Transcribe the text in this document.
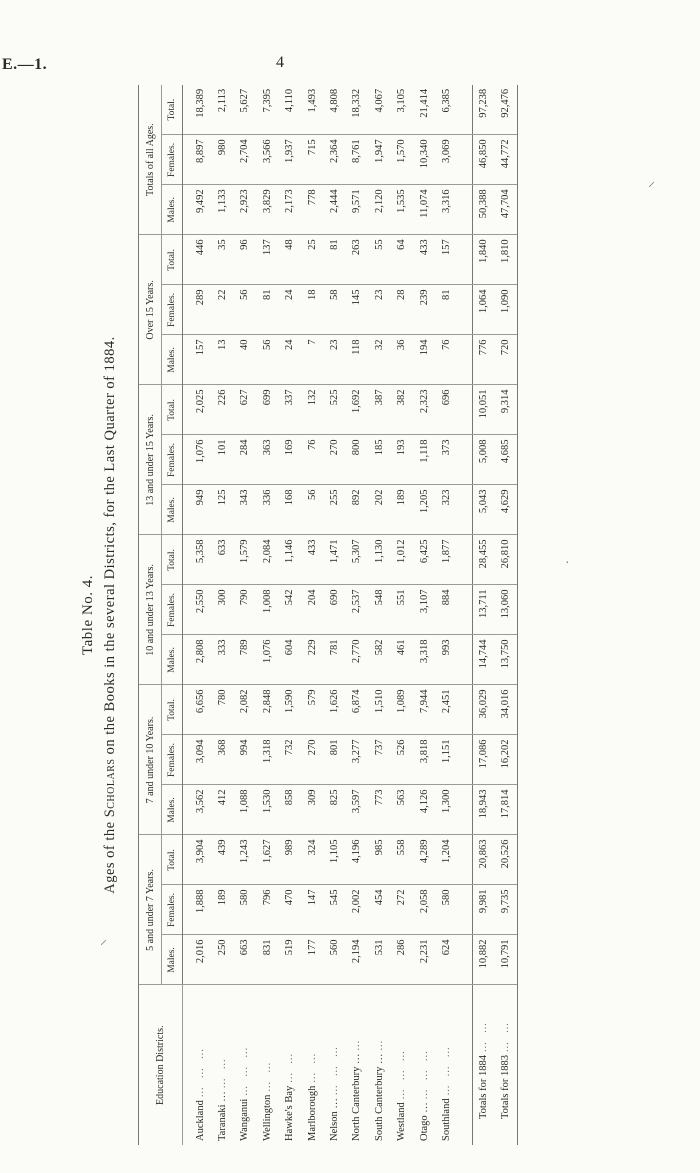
E.—1.	4
Table No. 4.
Ages of the Scholars on the Books in the several Districts, for the Last Quarter of 1884.
Education Districts.	5 and under 7 Years.			7 and under 10 Years.			10 and under 13 Years.			13 and under 15 Years.			Over 15 Years.			Totals of all Ages.		
	Males.	Females.	Total.	Males.	Females.	Total.	Males.	Females.	Total.	Males.	Females.	Total.	Males.	Females.	Total.	Males.	Females.	Total.
Auckland … … …	2,016	1,888	3,904	3,562	3,094	6,656	2,808	2,550	5,358	949	1,076	2,025	157	289	446	9,492	8,897	18,389
Taranaki … … …	250	189	439	412	368	780	333	300	633	125	101	226	13	22	35	1,133	980	2,113
Wanganui … … …	663	580	1,243	1,088	994	2,082	789	790	1,579	343	284	627	40	56	96	2,923	2,704	5,627
Wellington … …	831	796	1,627	1,530	1,318	2,848	1,076	1,008	2,084	336	363	699	56	81	137	3,829	3,566	7,395
Hawke's Bay … …	519	470	989	858	732	1,590	604	542	1,146	168	169	337	24	24	48	2,173	1,937	4,110
Marlborough … …	177	147	324	309	270	579	229	204	433	56	76	132	7	18	25	778	715	1,493
Nelson … … … …	560	545	1,105	825	801	1,626	781	690	1,471	255	270	525	23	58	81	2,444	2,364	4,808
North Canterbury … …	2,194	2,002	4,196	3,597	3,277	6,874	2,770	2,537	5,307	892	800	1,692	118	145	263	9,571	8,761	18,332
South Canterbury … …	531	454	985	773	737	1,510	582	548	1,130	202	185	387	32	23	55	2,120	1,947	4,067
Westland … … …	286	272	558	563	526	1,089	461	551	1,012	189	193	382	36	28	64	1,535	1,570	3,105
Otago … … … …	2,231	2,058	4,289	4,126	3,818	7,944	3,318	3,107	6,425	1,205	1,118	2,323	194	239	433	11,074	10,340	21,414
Southland … … …	624	580	1,204	1,300	1,151	2,451	993	884	1,877	323	373	696	76	81	157	3,316	3,069	6,385

Totals for 1884 … …	10,882	9,981	20,863	18,943	17,086	36,029	14,744	13,711	28,455	5,043	5,008	10,051	776	1,064	1,840	50,388	46,850	97,238
Totals for 1883 … …	10,791	9,735	20,526	17,814	16,202	34,016	13,750	13,060	26,810	4,629	4,685	9,314	720	1,090	1,810	47,704	44,772	92,476
⸝
·
⸝
